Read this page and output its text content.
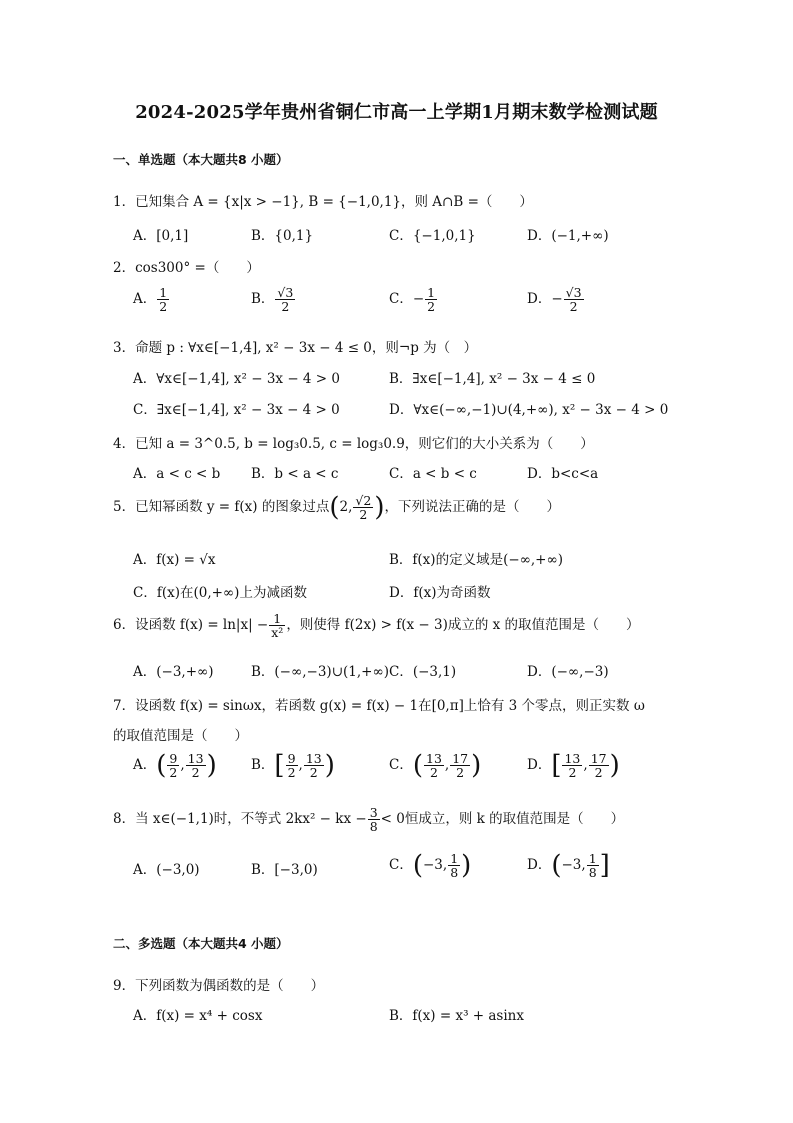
2024-2025学年贵州省铜仁市高一上学期1月期末数学检测试题
一、单选题（本大题共8 小题）
1．已知集合 A = {x|x > −1}, B = {−1,0,1}，则 A∩B =（　　）
A．[0,1]	B．{0,1}	C．{−1,0,1}	D．(−1,+∞)
2．cos300° =（　　）
A． $\frac{1}{2}$	B． $\frac{√3}{2}$	C．− $\frac{1}{2}$	D．− $\frac{√3}{2}$
3．命题 p : ∀x∈[−1,4], x² − 3x − 4 ≤ 0，则¬p 为（　）
A．∀x∈[−1,4], x² − 3x − 4 > 0	B．∃x∈[−1,4], x² − 3x − 4 ≤ 0
C．∃x∈[−1,4], x² − 3x − 4 > 0	D．∀x∈(−∞,−1)∪(4,+∞), x² − 3x − 4 > 0
4．已知 a = 3^0.5, b = log₃0.5, c = log₃0.9，则它们的大小关系为（　　）
A．a < c < b B．b < a < c	C．a < b < c	D．b<c<a
5．已知幂函数 y = f(x) 的图象过点(2, $\frac{√2}{2}$ )，下列说法正确的是（　　）
A．f(x) = √x	B．f(x)的定义域是(−∞,+∞)
C．f(x)在(0,+∞)上为减函数	D．f(x)为奇函数
6．设函数 $f(x) = \ln|x| - \frac{1}{\text{x²}}$ ，则使得 f(2x) > f(x − 3)成立的 x 的取值范围是（　　）
A．(−3,+∞)	B．(−∞,−3)∪(1,+∞) C．(−3,1)	D．(−∞,−3)
7．设函数 f(x) = sinωx，若函数 g(x) = f(x) − 1在[0,π]上恰有 3 个零点，则正实数 ω
的取值范围是（　　）
A．( $\frac{9}{2}$ , $\frac{13}{2}$ )	B．[ $\frac{9}{2}$ , $\frac{13}{2}$ )	C．( $\frac{13}{2}$ , $\frac{17}{2}$ )	D．[ $\frac{13}{2}$ , $\frac{17}{2}$ )
8．当 x∈(−1,1)时，不等式 2kx² − kx − $\frac{3}{8} < 0$恒成立，则 k 的取值范围是（　　）
A．(−3,0)	B．[−3,0)	C．(−3, $\frac{1}{8}$ )	D．(−3, $\frac{1}{8}$ ]
二、多选题（本大题共4 小题）
9．下列函数为偶函数的是（　　）
A．f(x) = x⁴ + cosx	B．f(x) = x³ + asinx
